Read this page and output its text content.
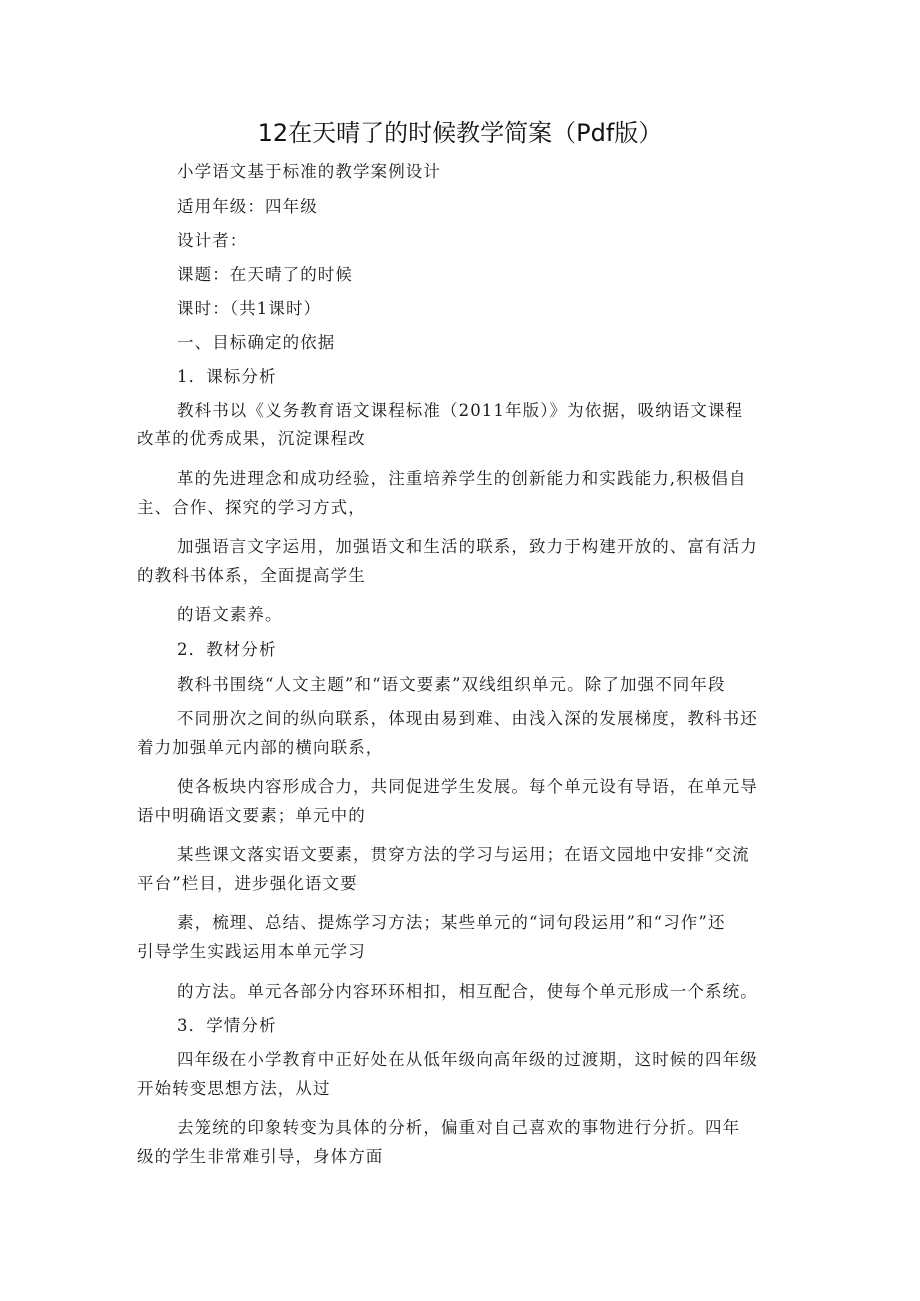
12在天晴了的时候教学简案（Pdf版）
小学语文基于标准的教学案例设计
适用年级：四年级
设计者：
课题：在天晴了的时候
课时：（共1课时）
一、目标确定的依据
1．课标分析
教科书以《义务教育语文课程标准（2011年版）》为依据，吸纳语文课程
改革的优秀成果，沉淀课程改
革的先进理念和成功经验，注重培养学生的创新能力和实践能力,积极倡自
主、合作、探究的学习方式，
加强语言文字运用，加强语文和生活的联系，致力于构建开放的、富有活力
的教科书体系，全面提高学生
的语文素养。
2．教材分析
教科书围绕“人文主题”和“语文要素”双线组织单元。除了加强不同年段
不同册次之间的纵向联系，体现由易到难、由浅入深的发展梯度，教科书还
着力加强单元内部的横向联系，
使各板块内容形成合力，共同促进学生发展。每个单元设有导语，在单元导
语中明确语文要素；单元中的
某些课文落实语文要素，贯穿方法的学习与运用；在语文园地中安排“交流
平台”栏目，进步强化语文要
素，梳理、总结、提炼学习方法；某些单元的“词句段运用”和“习作”还
引导学生实践运用本单元学习
的方法。单元各部分内容环环相扣，相互配合，使每个单元形成一个系统。
3．学情分析
四年级在小学教育中正好处在从低年级向高年级的过渡期，这时候的四年级
开始转变思想方法，从过
去笼统的印象转变为具体的分析，偏重对自己喜欢的事物进行分折。四年
级的学生非常难引导，身体方面
